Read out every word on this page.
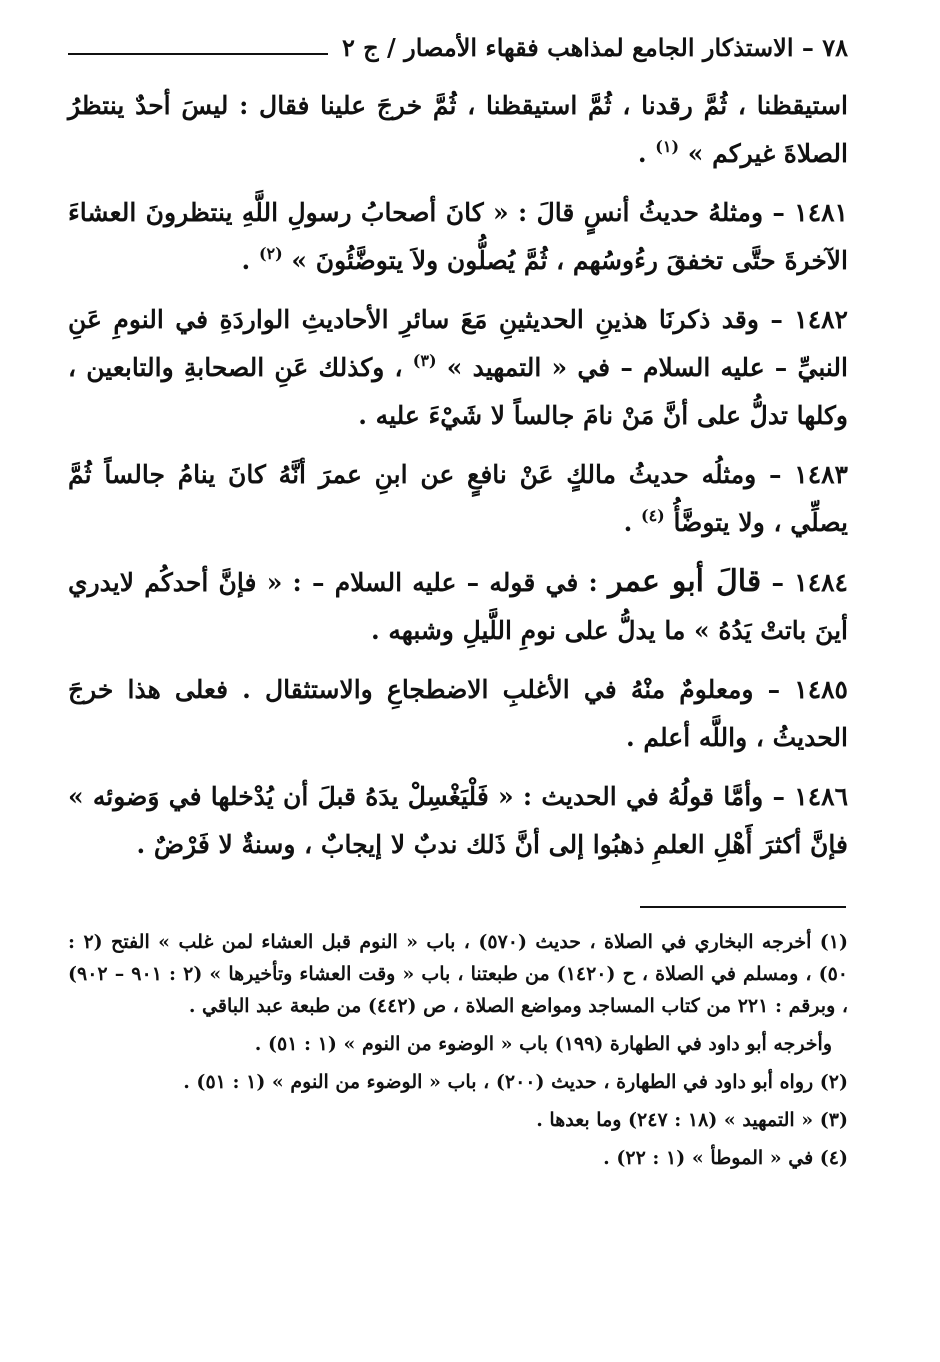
٧٨ – الاستذكار الجامع لمذاهب فقهاء الأمصار / ج ٢

استيقظنا ، ثُمَّ رقدنا ، ثُمَّ استيقظنا ، ثُمَّ خرجَ علينا فقال : ليسَ أحدٌ ينتظرُ الصلاةَ غيركم » $^{(١)}$ .

١٤٨١ – ومثلهُ حديثُ أنسٍ قالَ : « كانَ أصحابُ رسولِ اللَّهِ ينتظرونَ العشاءَ الآخرةَ حتَّى تخفقَ رءُوسُهم ، ثُمَّ يُصلُّون ولاَ يتوضَّئُونَ » $^{(٢)}$ .

١٤٨٢ – وقد ذكرنَا هذينِ الحديثينِ مَعَ سائرِ الأحاديثِ الواردَةِ في النومِ عَنِ النبيِّ – عليه السلام – في « التمهيد » $^{(٣)}$ ، وكذلك عَنِ الصحابةِ والتابعين ، وكلها تدلُّ على أنَّ مَنْ نامَ جالساً لا شَيْءَ عليه .

١٤٨٣ – ومثلُه حديثُ مالكٍ عَنْ نافعٍ عن ابنِ عمرَ أنَّهُ كانَ ينامُ جالساً ثُمَّ يصلِّي ، ولا يتوضَّأُ $^{(٤)}$ .

١٤٨٤ – قالَ أبو عمر : في قوله – عليه السلام – : « فإنَّ أحدكُم لايدري أينَ باتتْ يَدُهُ » ما يدلُّ على نومِ اللَّيلِ وشبهه .

١٤٨٥ – ومعلومٌ منْهُ في الأغلبِ الاضطجاعِ والاستثقال . فعلى هذا خرجَ الحديثُ ، واللَّه أعلم .

١٤٨٦ – وأمَّا قولُهُ في الحديث : « فَلْيَغْسِلْ يدَهُ قبلَ أن يُدْخلها في وَضوئه » فإنَّ أكثرَ أَهْلِ العلمِ ذهبُوا إلى أنَّ ذَلك ندبٌ لا إيجابٌ ، وسنةٌ لا فَرْضٌ .

(١) أخرجه البخاري في الصلاة ، حديث (٥٧٠) ، باب « النوم قبل العشاء لمن غلب » الفتح (٢ : ٥٠) ، ومسلم في الصلاة ، ح (١٤٢٠) من طبعتنا ، باب « وقت العشاء وتأخيرها » (٢ : ٩٠١ – ٩٠٢) ، وبرقم : ٢٢١ من كتاب المساجد ومواضع الصلاة ، ص (٤٤٢) من طبعة عبد الباقي .

وأخرجه أبو داود في الطهارة (١٩٩) باب « الوضوء من النوم » (١ : ٥١) .

(٢) رواه أبو داود في الطهارة ، حديث (٢٠٠) ، باب « الوضوء من النوم » (١ : ٥١) .

(٣) « التمهيد » (١٨ : ٢٤٧) وما بعدها .

(٤) في « الموطأ » (١ : ٢٢) .
